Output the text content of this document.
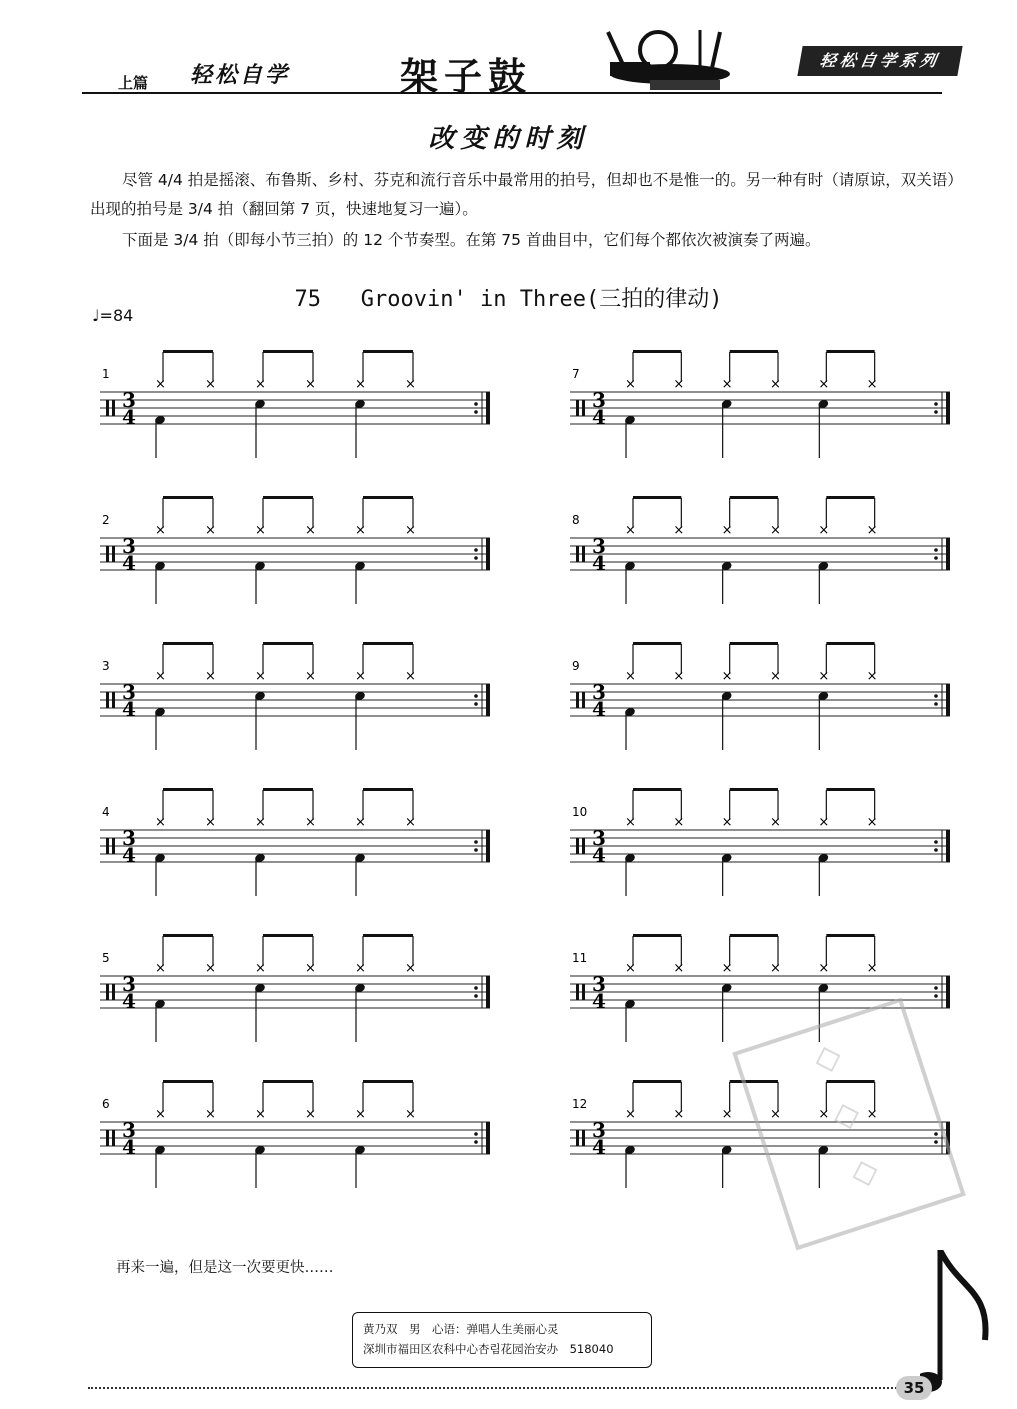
上篇 轻松自学	架子鼓	轻松自学系列
改变的时刻
尽管 4/4 拍是摇滚、布鲁斯、乡村、芬克和流行音乐中最常用的拍号，但却也不是惟一的。另一种有时（请原谅，双关语）出现的拍号是 3/4 拍（翻回第 7 页，快速地复习一遍）。
下面是 3/4 拍（即每小节三拍）的 12 个节奏型。在第 75 首曲目中，它们每个都依次被演奏了两遍。
75 Groovin' in Three(三拍的律动)
♩=84
1
3
4
×	×	×	×	×	×
2
3
4
×	×	×	×	×	×
3
3
4
×	×	×	×	×	×
4
3
4
×	×	×	×	×	×
5
3
4
×	×	×	×	×	×
6
3
4
×	×	×	×	×	×
7
3
4
×	×	×	×	×	×
8
3
4
×	×	×	×	×	×
9
3
4
×	×	×	×	×	×
10
3
4
×	×	×	×	×	×
11
3
4
×	×	×	×	×	×
12
3
4
×	×	×	×	×	×
◇
◇
◇
再来一遍，但是这一次要更快……
黄乃双　男　心语：弹唱人生美丽心灵
深圳市福田区农科中心杏림花园治安办　518040
35
